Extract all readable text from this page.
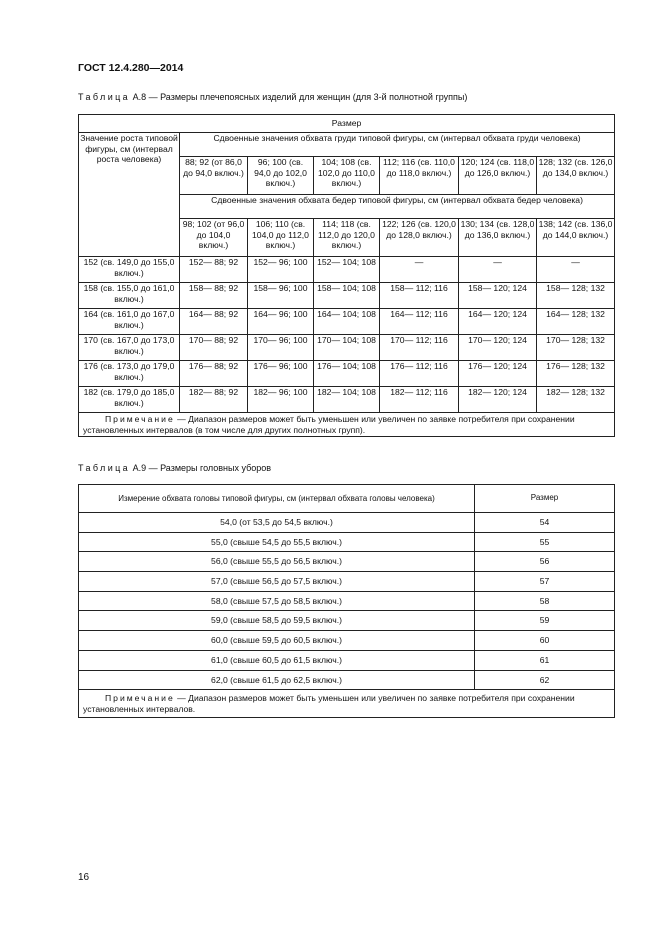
ГОСТ 12.4.280—2014
Таблица А.8 — Размеры плечепоясных изделий для женщин (для 3-й полнотной группы)
Размер						
Значение роста типовой фигуры, см (интервал роста человека)	Сдвоенные значения обхвата груди типовой фигуры, см (интервал обхвата груди человека)					
	88; 92 (от 86,0 до 94,0 включ.)	96; 100 (св. 94,0 до 102,0 включ.)	104; 108 (св. 102,0 до 110,0 включ.)	112; 116 (св. 110,0 до 118,0 включ.)	120; 124 (св. 118,0 до 126,0 включ.)	128; 132 (св. 126,0 до 134,0 включ.)
	Сдвоенные значения обхвата бедер типовой фигуры, см (интервал обхвата бедер человека)					
	98; 102 (от 96,0 до 104,0 включ.)	106; 110 (св. 104,0 до 112,0 включ.)	114; 118 (св. 112,0 до 120,0 включ.)	122; 126 (св. 120,0 до 128,0 включ.)	130; 134 (св. 128,0 до 136,0 включ.)	138; 142 (св. 136,0 до 144,0 включ.)
152 (св. 149,0 до 155,0 включ.)	152— 88; 92	152— 96; 100	152— 104; 108	—	—	—
158 (св. 155,0 до 161,0 включ.)	158— 88; 92	158— 96; 100	158— 104; 108	158— 112; 116	158— 120; 124	158— 128; 132
164 (св. 161,0 до 167,0 включ.)	164— 88; 92	164— 96; 100	164— 104; 108	164— 112; 116	164— 120; 124	164— 128; 132
170 (св. 167,0 до 173,0 включ.)	170— 88; 92	170— 96; 100	170— 104; 108	170— 112; 116	170— 120; 124	170— 128; 132
176 (св. 173,0 до 179,0 включ.)	176— 88; 92	176— 96; 100	176— 104; 108	176— 112; 116	176— 120; 124	176— 128; 132
182 (св. 179,0 до 185,0 включ.)	182— 88; 92	182— 96; 100	182— 104; 108	182— 112; 116	182— 120; 124	182— 128; 132
Примечание — Диапазон размеров может быть уменьшен или увеличен по заявке потребителя при сохранении установленных интервалов (в том числе для других полнотных групп).						
Таблица А.9 — Размеры головных уборов
Измерение обхвата головы типовой фигуры, см (интервал обхвата головы человека)	Размер
54,0 (от 53,5 до 54,5 включ.)	54
55,0 (свыше 54,5 до 55,5 включ.)	55
56,0 (свыше 55,5 до 56,5 включ.)	56
57,0 (свыше 56,5 до 57,5 включ.)	57
58,0 (свыше 57,5 до 58,5 включ.)	58
59,0 (свыше 58,5 до 59,5 включ.)	59
60,0 (свыше 59,5 до 60,5 включ.)	60
61,0 (свыше 60,5 до 61,5 включ.)	61
62,0 (свыше 61,5 до 62,5 включ.)	62
Примечание — Диапазон размеров может быть уменьшен или увеличен по заявке потребителя при сохранении установленных интервалов.	
16
